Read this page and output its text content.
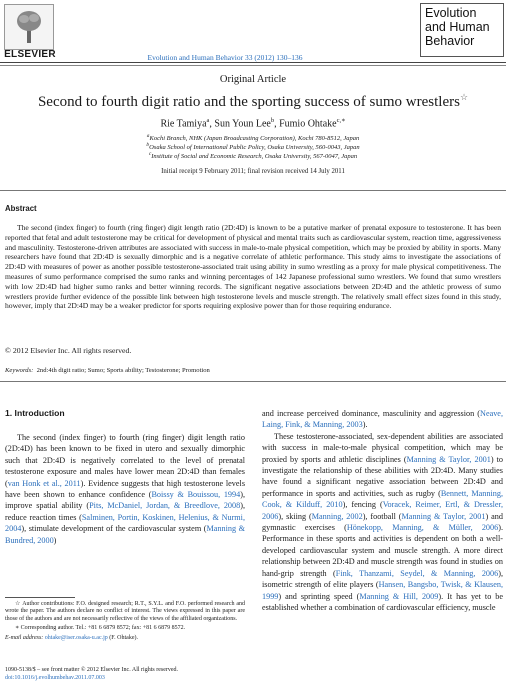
ELSEVIER	Evolution and Human Behavior 33 (2012) 130–136
Evolution
and Human
Behavior
Original Article
Second to fourth digit ratio and the sporting success of sumo wrestlers☆
Rie Tamiya$^a$, Sun Youn Lee$^b$, Fumio Ohtake$^{c,∗}$
$^a$Kochi Branch, NHK (Japan Broadcasting Corporation), Kochi 780-8512, Japan
$^b$Osaka School of International Public Policy, Osaka University, 560-0043, Japan
$^c$Institute of Social and Economic Research, Osaka University, 567-0047, Japan
Initial receipt 9 February 2011; final revision received 14 July 2011
Abstract

The second (index finger) to fourth (ring finger) digit length ratio (2D:4D) is known to be a putative marker of prenatal exposure to testosterone. It has been reported that fetal and adult testosterone may be critical for development of physical and mental traits such as cardiovascular system, reaction time, aggressiveness and masculinity. Testosterone-driven attributes are associated with success in male-to-male physical competition, which may be proxied by ability in sports. Many researchers have found that 2D:4D is sexually dimorphic and is a negative correlate of athletic performance. This study aims to investigate the associations of 2D:4D with measures of power as another possible testosterone-associated trait using ability in sumo wrestling as a proxy for male physical competitiveness. The measures of sumo performance comprised the sumo ranks and winning percentages of 142 Japanese professional sumo wrestlers. We found that sumo wrestlers with low 2D:4D had higher sumo ranks and better winning records. The significant negative associations between 2D:4D and the athletic prowess of sumo wrestlers provide further evidence of the possible link between high testosterone levels and muscle strength. The relatively small effect sizes found in this study, however, imply that 2D:4D may be a weaker predictor for sports requiring explosive power than for those requiring endurance.

© 2012 Elsevier Inc. All rights reserved.
Keywords: 2nd:4th digit ratio; Sumo; Sports ability; Testosterone; Promotion
1. Introduction

The second (index finger) to fourth (ring finger) digit length ratio (2D:4D) has been known to be fixed in utero and sexually dimorphic such that 2D:4D is negatively correlated to the level of prenatal testosterone exposure and males have lower mean 2D:4D than females (van Honk et al., 2011). Evidence suggests that high testosterone levels have been shown to enhance confidence (Boissy & Bouissou, 1994), improve spatial ability (Pits, McDaniel, Jordan, & Breedlove, 2008), reduce reaction times (Salminen, Portin, Koskinen, Helenius, & Nurmi, 2004), stimulate development of the cardiovascular system (Manning & Bundred, 2000)

and increase perceived dominance, masculinity and aggression (Neave, Laing, Fink, & Manning, 2003).

These testosterone-associated, sex-dependent abilities are associated with success in male-to-male physical competition, which may be proxied by sports and athletic disciplines (Manning & Taylor, 2001) to investigate the relationship of these abilities with 2D:4D. Many studies have found a significant negative association between 2D:4D and performance in sports and activities, such as rugby (Bennett, Manning, Cook, & Kilduff, 2010), fencing (Voracek, Reimer, Ertl, & Dressler, 2006), skiing (Manning, 2002), football (Manning & Taylor, 2001) and gymnastic exercises (Hönekopp, Manning, & Müller, 2006). Performance in these sports and activities is dependent on both a well-developed cardiovascular system and muscle strength. A more direct relationship between 2D:4D and muscle strength was found in studies on hand-grip strength (Fink, Thanzami, Seydel, & Manning, 2006), isometric strength of elite players (Hansen, Bangsbo, Twisk, & Klausen, 1999) and sprinting speed (Manning & Hill, 2009). It has yet to be established whether a combination of cardiovascular efficiency, muscle

☆ Author contributions: F.O. designed research; R.T., S.Y.L. and F.O. performed research and wrote the paper. The authors declare no conflict of interest. The views expressed in this paper are those of the authors and are not necessarily reflective of the views of the affiliated organizations.

∗ Corresponding author. Tel.: +81 6 6879 8572; fax: +81 6 6879 8572.

E-mail address: ohtake@iser.osaka-u.ac.jp (F. Ohtake).

1090-5138/$ – see front matter © 2012 Elsevier Inc. All rights reserved.
doi:10.1016/j.evolhumbehav.2011.07.003
